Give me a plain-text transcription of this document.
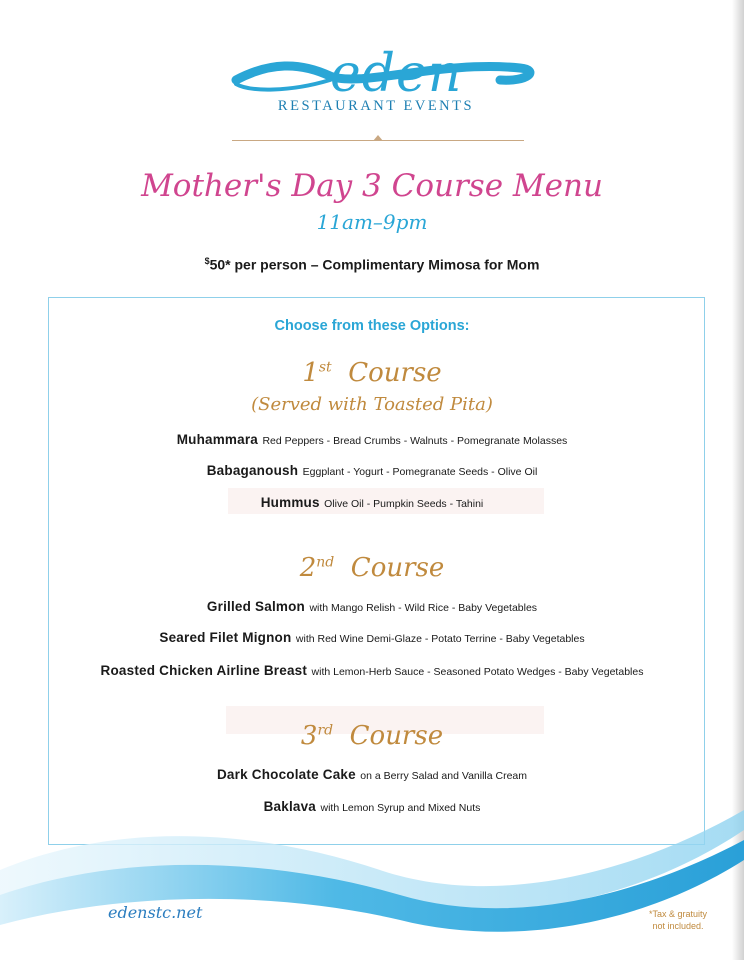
eden
RESTAURANT EVENTS
Mother's Day 3 Course Menu
11am–9pm
$50* per person – Complimentary Mimosa for Mom
Choose from these Options:
1st Course
(Served with Toasted Pita)
Muhammara Red Peppers - Bread Crumbs - Walnuts - Pomegranate Molasses
Babaganoush Eggplant - Yogurt - Pomegranate Seeds - Olive Oil
Hummus Olive Oil - Pumpkin Seeds - Tahini
2nd Course
Grilled Salmon with Mango Relish - Wild Rice - Baby Vegetables
Seared Filet Mignon with Red Wine Demi-Glaze - Potato Terrine - Baby Vegetables
Roasted Chicken Airline Breast with Lemon-Herb Sauce - Seasoned Potato Wedges - Baby Vegetables
3rd Course
Dark Chocolate Cake on a Berry Salad and Vanilla Cream
Baklava with Lemon Syrup and Mixed Nuts
edenstc.net	*Tax & gratuity
not included.
